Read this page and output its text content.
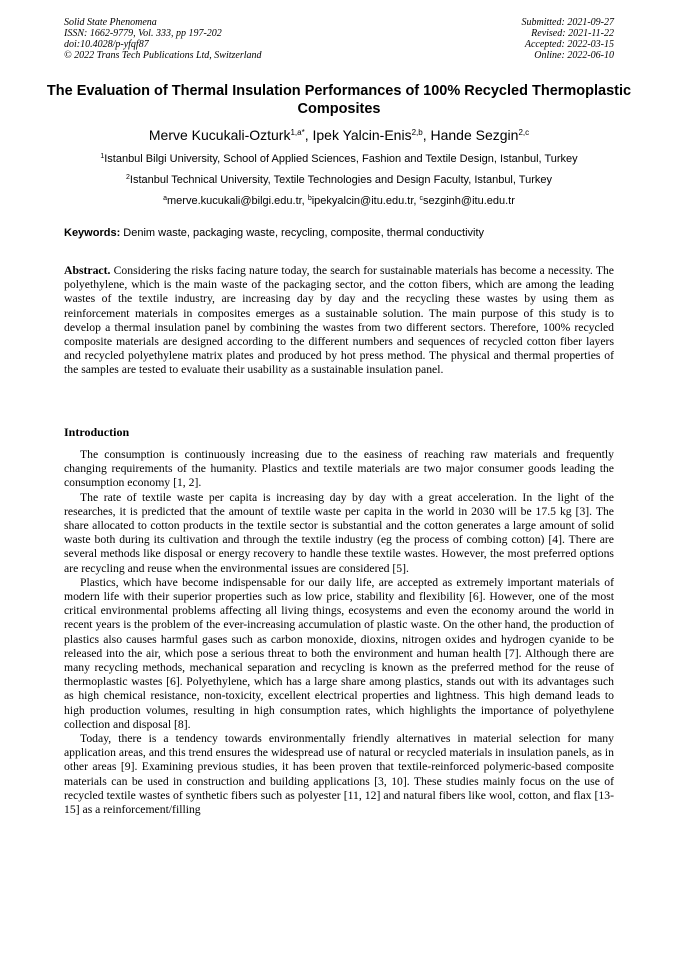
Solid State Phenomena
ISSN: 1662-9779, Vol. 333, pp 197-202
doi:10.4028/p-yfqf87
© 2022 Trans Tech Publications Ltd, Switzerland
Submitted: 2021-09-27
Revised: 2021-11-22
Accepted: 2022-03-15
Online: 2022-06-10
The Evaluation of Thermal Insulation Performances of 100% Recycled Thermoplastic Composites
Merve Kucukali-Ozturk$^{1,a*}$, Ipek Yalcin-Enis$^{2,b}$, Hande Sezgin$^{2,c}$
$^1$Istanbul Bilgi University, School of Applied Sciences, Fashion and Textile Design, Istanbul, Turkey
$^2$Istanbul Technical University, Textile Technologies and Design Faculty, Istanbul, Turkey
$^a$merve.kucukali@bilgi.edu.tr, $^b$ipekyalcin@itu.edu.tr, $^c$sezginh@itu.edu.tr
Keywords: Denim waste, packaging waste, recycling, composite, thermal conductivity

Abstract. Considering the risks facing nature today, the search for sustainable materials has become a necessity. The polyethylene, which is the main waste of the packaging sector, and the cotton fibers, which are among the leading wastes of the textile industry, are increasing day by day and the recycling these wastes by using them as reinforcement materials in composites emerges as a sustainable solution. The main purpose of this study is to develop a thermal insulation panel by combining the wastes from two different sectors. Therefore, 100% recycled composite materials are designed according to the different numbers and sequences of recycled cotton fiber layers and recycled polyethylene matrix plates and produced by hot press method. The physical and thermal properties of the samples are tested to evaluate their usability as a sustainable insulation panel.

Introduction

The consumption is continuously increasing due to the easiness of reaching raw materials and frequently changing requirements of the humanity. Plastics and textile materials are two major consumer goods leading the consumption economy [1, 2].

The rate of textile waste per capita is increasing day by day with a great acceleration. In the light of the researches, it is predicted that the amount of textile waste per capita in the world in 2030 will be 17.5 kg [3]. The share allocated to cotton products in the textile sector is substantial and the cotton generates a large amount of solid waste both during its cultivation and through the textile industry (eg the process of combing cotton) [4]. There are several methods like disposal or energy recovery to handle these textile wastes. However, the most preferred options are recycling and reuse when the environmental issues are considered [5].

Plastics, which have become indispensable for our daily life, are accepted as extremely important materials of modern life with their superior properties such as low price, stability and flexibility [6]. However, one of the most critical environmental problems affecting all living things, ecosystems and even the economy around the world in recent years is the problem of the ever-increasing accumulation of plastic waste. On the other hand, the production of plastics also causes harmful gases such as carbon monoxide, dioxins, nitrogen oxides and hydrogen cyanide to be released into the air, which pose a serious threat to both the environment and human health [7]. Although there are many recycling methods, mechanical separation and recycling is known as the preferred method for the reuse of thermoplastic wastes [6]. Polyethylene, which has a large share among plastics, stands out with its advantages such as high chemical resistance, non-toxicity, excellent electrical properties and lightness. This high demand leads to high production volumes, resulting in high consumption rates, which highlights the importance of polyethylene collection and disposal [8].

Today, there is a tendency towards environmentally friendly alternatives in material selection for many application areas, and this trend ensures the widespread use of natural or recycled materials in insulation panels, as in other areas [9]. Examining previous studies, it has been proven that textile-reinforced polymeric-based composite materials can be used in construction and building applications [3, 10]. These studies mainly focus on the use of recycled textile wastes of synthetic fibers such as polyester [11, 12] and natural fibers like wool, cotton, and flax [13-15] as a reinforcement/filling
